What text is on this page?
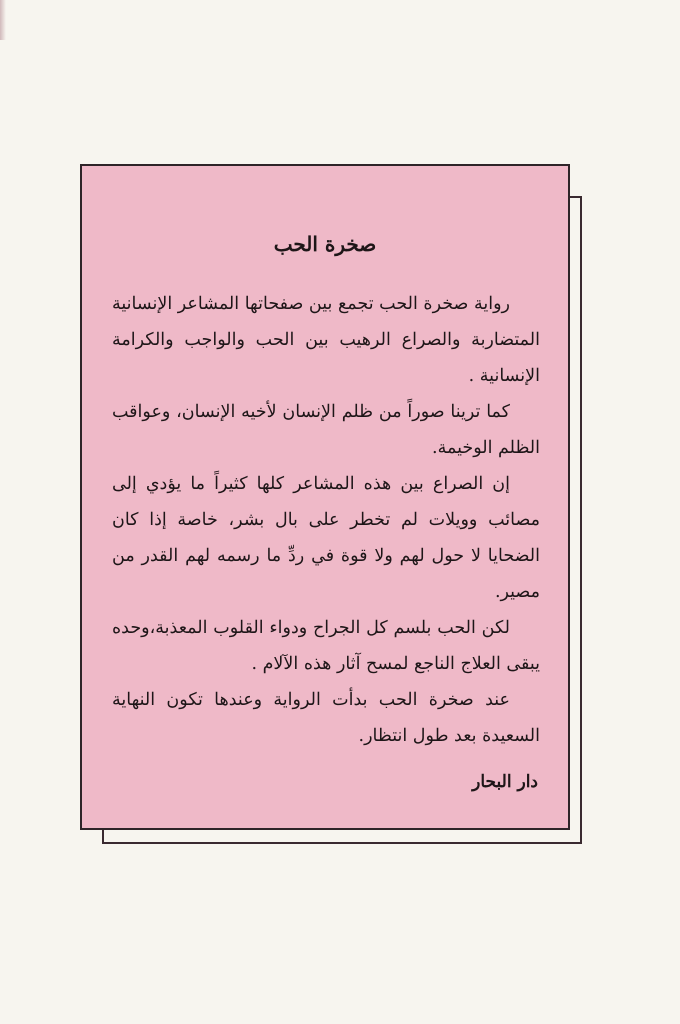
صخرة الحب

رواية صخرة الحب تجمع بين صفحاتها المشاعر الإنسانية المتضاربة والصراع الرهيب بين الحب والواجب والكرامة الإنسانية .

كما ترينا صوراً من ظلم الإنسان لأخيه الإنسان، وعواقب الظلم الوخيمة.

إن الصراع بين هذه المشاعر كلها كثيراً ما يؤدي إلى مصائب وويلات لم تخطر على بال بشر، خاصة إذا كان الضحايا لا حول لهم ولا قوة في ردِّ ما رسمه لهم القدر من مصير.

لكن الحب بلسم كل الجراح ودواء القلوب المعذبة،وحده يبقى العلاج الناجع لمسح آثار هذه الآلام .

عند صخرة الحب بدأت الرواية وعندها تكون النهاية السعيدة بعد طول انتظار.

دار البحار
